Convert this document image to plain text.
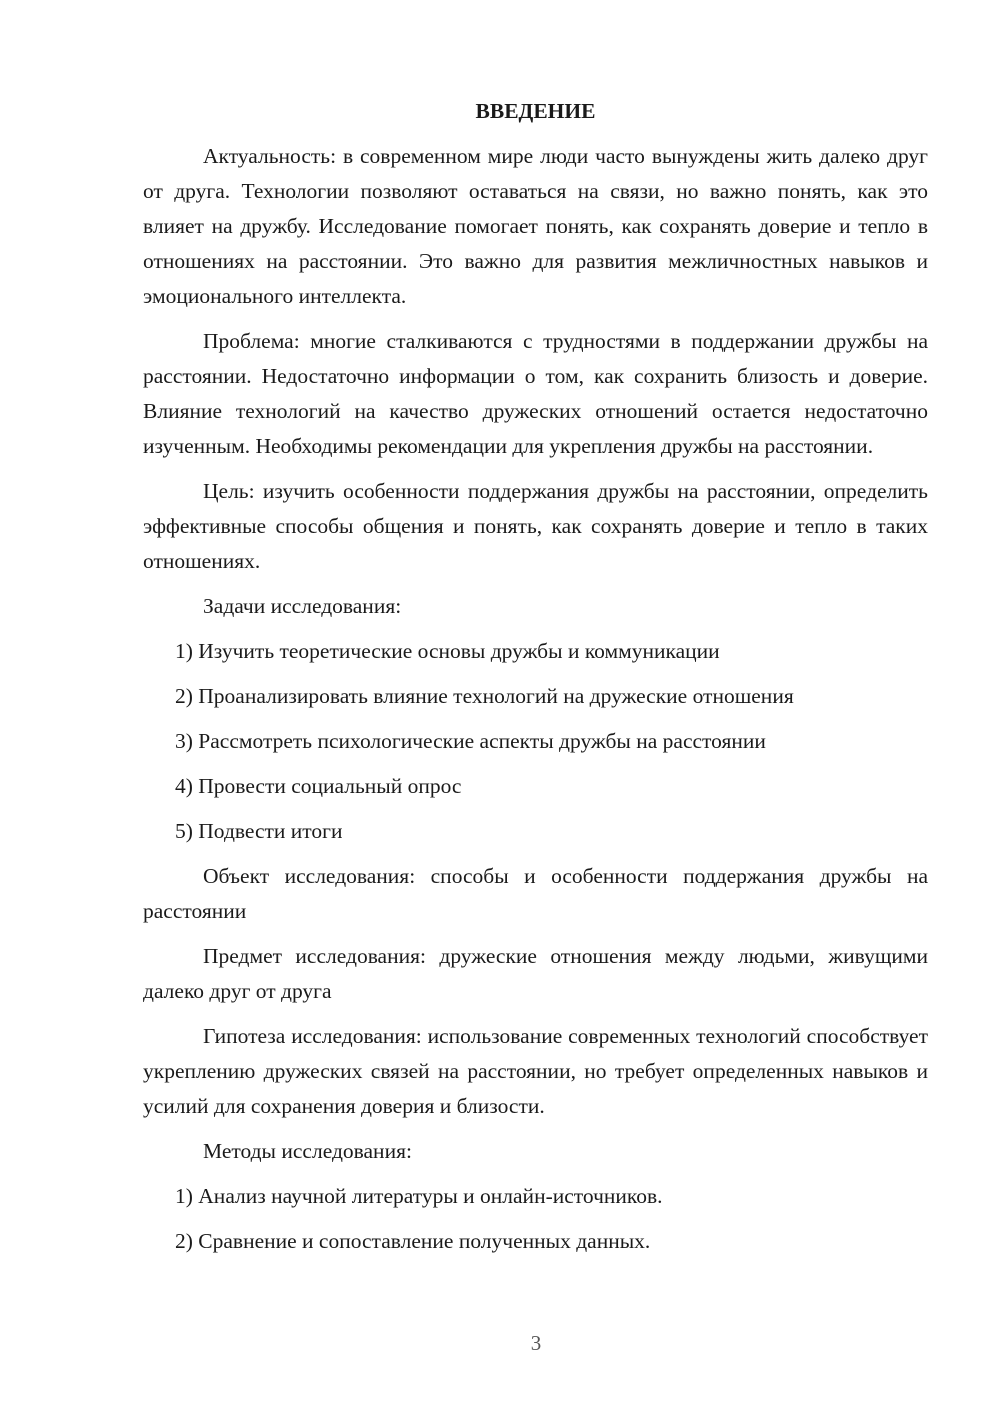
ВВЕДЕНИЕ

Актуальность: в современном мире люди часто вынуждены жить далеко друг от друга. Технологии позволяют оставаться на связи, но важно понять, как это влияет на дружбу. Исследование помогает понять, как сохранять доверие и тепло в отношениях на расстоянии. Это важно для развития межличностных навыков и эмоционального интеллекта.

Проблема: многие сталкиваются с трудностями в поддержании дружбы на расстоянии. Недостаточно информации о том, как сохранить близость и доверие. Влияние технологий на качество дружеских отношений остается недостаточно изученным. Необходимы рекомендации для укрепления дружбы на расстоянии.

Цель: изучить особенности поддержания дружбы на расстоянии, определить эффективные способы общения и понять, как сохранять доверие и тепло в таких отношениях.

Задачи исследования:

1) Изучить теоретические основы дружбы и коммуникации
2) Проанализировать влияние технологий на дружеские отношения
3) Рассмотреть психологические аспекты дружбы на расстоянии
4) Провести социальный опрос
5) Подвести итоги

Объект исследования: способы и особенности поддержания дружбы на расстоянии

Предмет исследования: дружеские отношения между людьми, живущими далеко друг от друга

Гипотеза исследования: использование современных технологий способствует укреплению дружеских связей на расстоянии, но требует определенных навыков и усилий для сохранения доверия и близости.

Методы исследования:

1) Анализ научной литературы и онлайн-источников.
2) Сравнение и сопоставление полученных данных.
3
